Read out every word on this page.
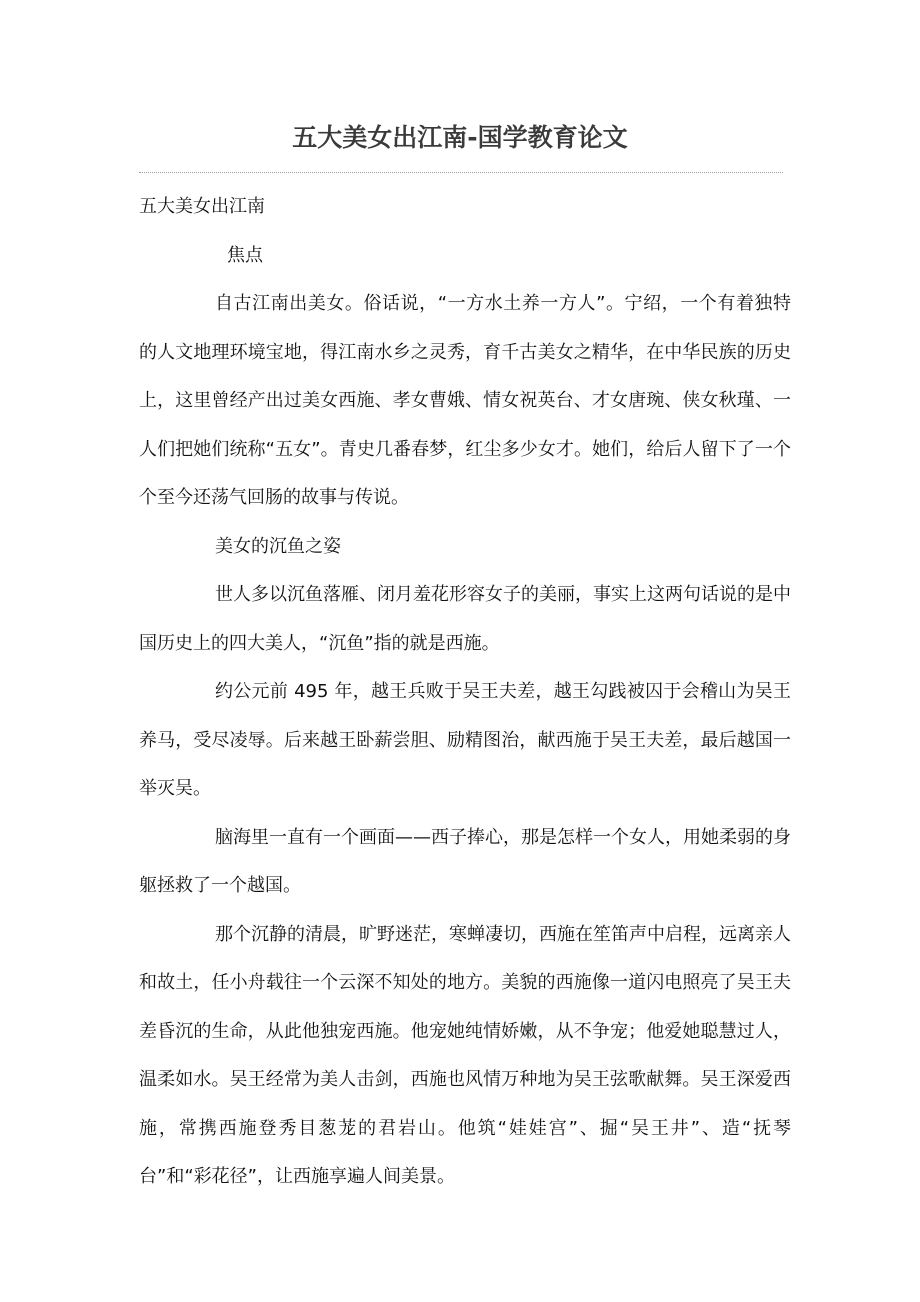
五大美女出江南-国学教育论文

五大美女出江南

焦点

自古江南出美女。俗话说，“一方水土养一方人”。宁绍，一个有着独特的人文地理环境宝地，得江南水乡之灵秀，育千古美女之精华，在中华民族的历史上，这里曾经产出过美女西施、孝女曹娥、情女祝英台、才女唐琬、侠女秋瑾、一人们把她们统称“五女”。青史几番春梦，红尘多少女才。她们，给后人留下了一个个至今还荡气回肠的故事与传说。

美女的沉鱼之姿

世人多以沉鱼落雁、闭月羞花形容女子的美丽，事实上这两句话说的是中国历史上的四大美人，“沉鱼”指的就是西施。

约公元前 495 年，越王兵败于吴王夫差，越王勾践被囚于会稽山为吴王养马，受尽凌辱。后来越王卧薪尝胆、励精图治，献西施于吴王夫差，最后越国一举灭吴。

脑海里一直有一个画面——西子捧心，那是怎样一个女人，用她柔弱的身躯拯救了一个越国。

那个沉静的清晨，旷野迷茫，寒蝉凄切，西施在笙笛声中启程，远离亲人和故土，任小舟载往一个云深不知处的地方。美貌的西施像一道闪电照亮了吴王夫差昏沉的生命，从此他独宠西施。他宠她纯情娇嫩，从不争宠；他爱她聪慧过人，温柔如水。吴王经常为美人击剑，西施也风情万种地为吴王弦歌献舞。吴王深爱西施，常携西施登秀目葱茏的君岩山。他筑“娃娃宫”、掘“吴王井”、造“抚琴台”和“彩花径”，让西施享遍人间美景。
